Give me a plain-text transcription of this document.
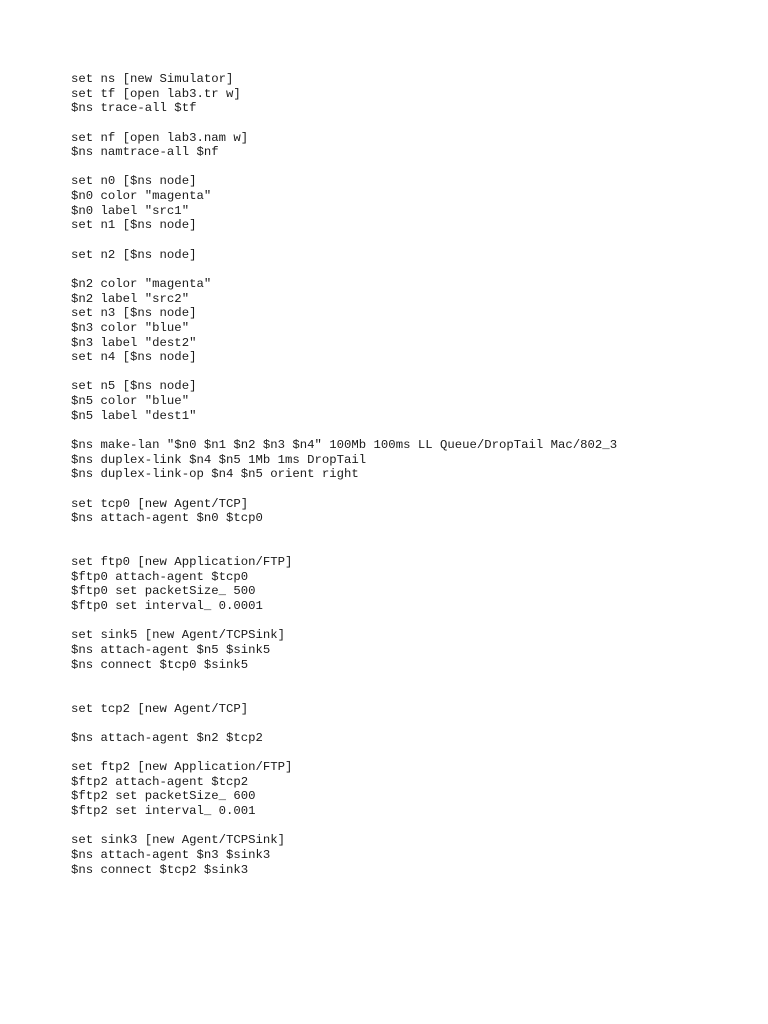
set ns [new Simulator]
set tf [open lab3.tr w]
$ns trace-all $tf
set nf [open lab3.nam w]
$ns namtrace-all $nf
set n0 [$ns node]
$n0 color "magenta"
$n0 label "src1"
set n1 [$ns node]
set n2 [$ns node]
$n2 color "magenta"
$n2 label "src2"
set n3 [$ns node]
$n3 color "blue"
$n3 label "dest2"
set n4 [$ns node]
set n5 [$ns node]
$n5 color "blue"
$n5 label "dest1"
$ns make-lan "$n0 $n1 $n2 $n3 $n4" 100Mb 100ms LL Queue/DropTail Mac/802_3
$ns duplex-link $n4 $n5 1Mb 1ms DropTail
$ns duplex-link-op $n4 $n5 orient right
set tcp0 [new Agent/TCP]
$ns attach-agent $n0 $tcp0
set ftp0 [new Application/FTP]
$ftp0 attach-agent $tcp0
$ftp0 set packetSize_ 500
$ftp0 set interval_ 0.0001
set sink5 [new Agent/TCPSink]
$ns attach-agent $n5 $sink5
$ns connect $tcp0 $sink5
set tcp2 [new Agent/TCP]
$ns attach-agent $n2 $tcp2
set ftp2 [new Application/FTP]
$ftp2 attach-agent $tcp2
$ftp2 set packetSize_ 600
$ftp2 set interval_ 0.001
set sink3 [new Agent/TCPSink]
$ns attach-agent $n3 $sink3
$ns connect $tcp2 $sink3
